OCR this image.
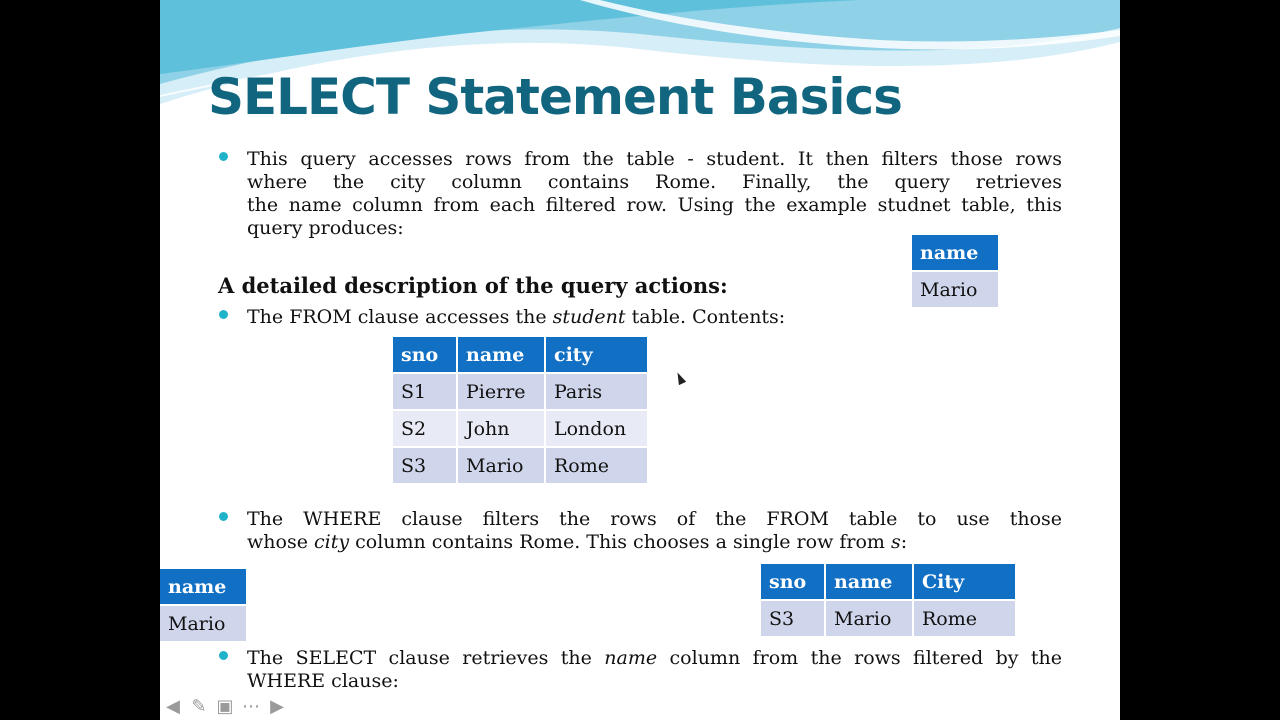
SELECT Statement Basics

This query accesses rows from the table - student. It then filters those rows
where the city column contains Rome. Finally, the query retrieves
the name column from each filtered row. Using the example studnet table, this
query produces:

name
Mario
A detailed description of the query actions:

The FROM clause accesses the student table. Contents:

sno	name	city
S1	Pierre	Paris
S2	John	London
S3	Mario	Rome

The WHERE clause filters the rows of the FROM table to use those
whose city column contains Rome. This chooses a single row from s:

name
Mario
sno	name	City
S3	Mario	Rome

The SELECT clause retrieves the name column from the rows filtered by the
WHERE clause:

◀ ✎ ▣ ⋯ ▶
